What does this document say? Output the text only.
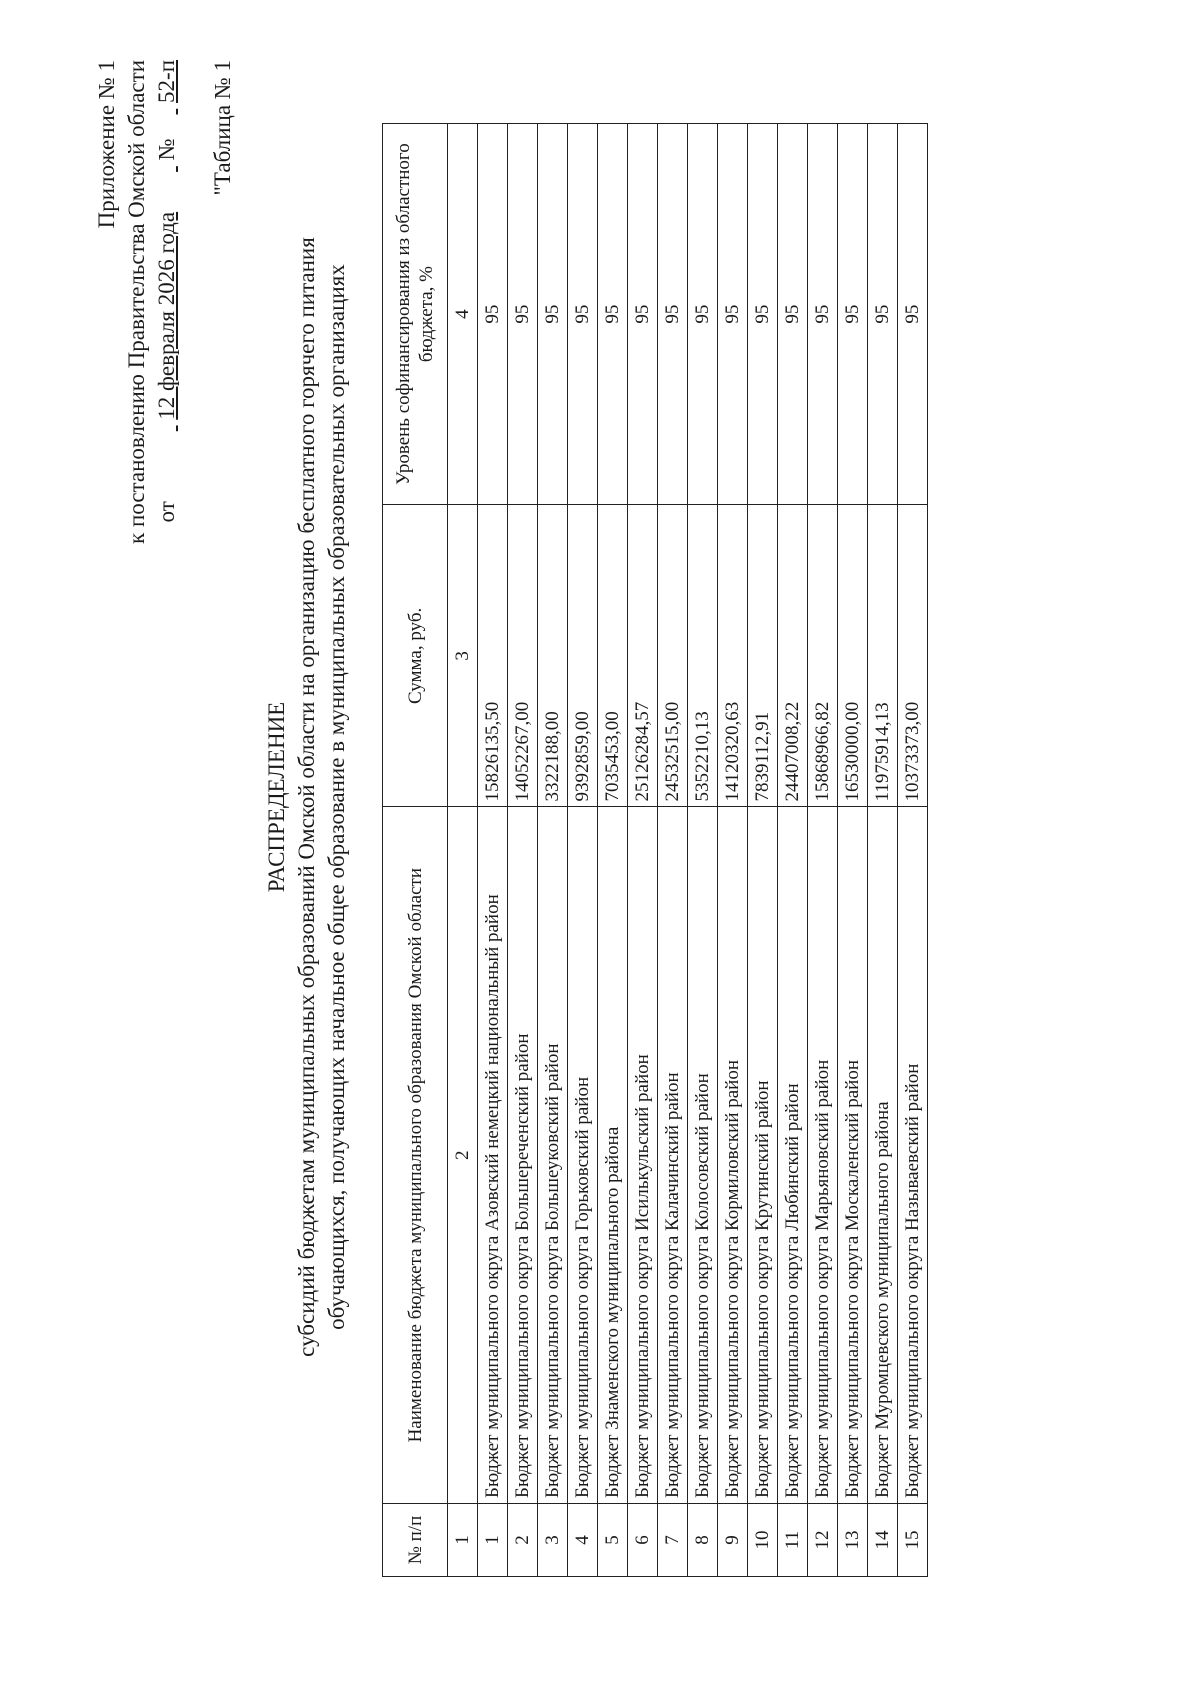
Приложение № 1 к постановлению Правительства Омской области от   12 февраля 2026 года   №   52-п "Таблица № 1
РАСПРЕДЕЛЕНИЕ субсидий бюджетам муниципальных образований Омской области на организацию бесплатного горячего питания обучающихся, получающих начальное общее образование в муниципальных образовательных организациях
№ п/п	Наименование бюджета муниципального образования Омской области	Сумма, руб.	Уровень софинансирования из областного бюджета, %
1	2	3	4
1	Бюджет муниципального округа Азовский немецкий национальный район	15826135,50	95
2	Бюджет муниципального округа Большереченский район	14052267,00	95
3	Бюджет муниципального округа Большеуковский район	3322188,00	95
4	Бюджет муниципального округа Горьковский район	9392859,00	95
5	Бюджет Знаменского муниципального района	7035453,00	95
6	Бюджет муниципального округа Исилькульский район	25126284,57	95
7	Бюджет муниципального округа Калачинский район	24532515,00	95
8	Бюджет муниципального округа Колосовский район	5352210,13	95
9	Бюджет муниципального округа Кормиловский район	14120320,63	95
10	Бюджет муниципального округа Крутинский район	7839112,91	95
11	Бюджет муниципального округа Любинский район	24407008,22	95
12	Бюджет муниципального округа Марьяновский район	15868966,82	95
13	Бюджет муниципального округа Москаленский район	16530000,00	95
14	Бюджет Муромцевского муниципального района	11975914,13	95
15	Бюджет муниципального округа Называевский район	10373373,00	95
